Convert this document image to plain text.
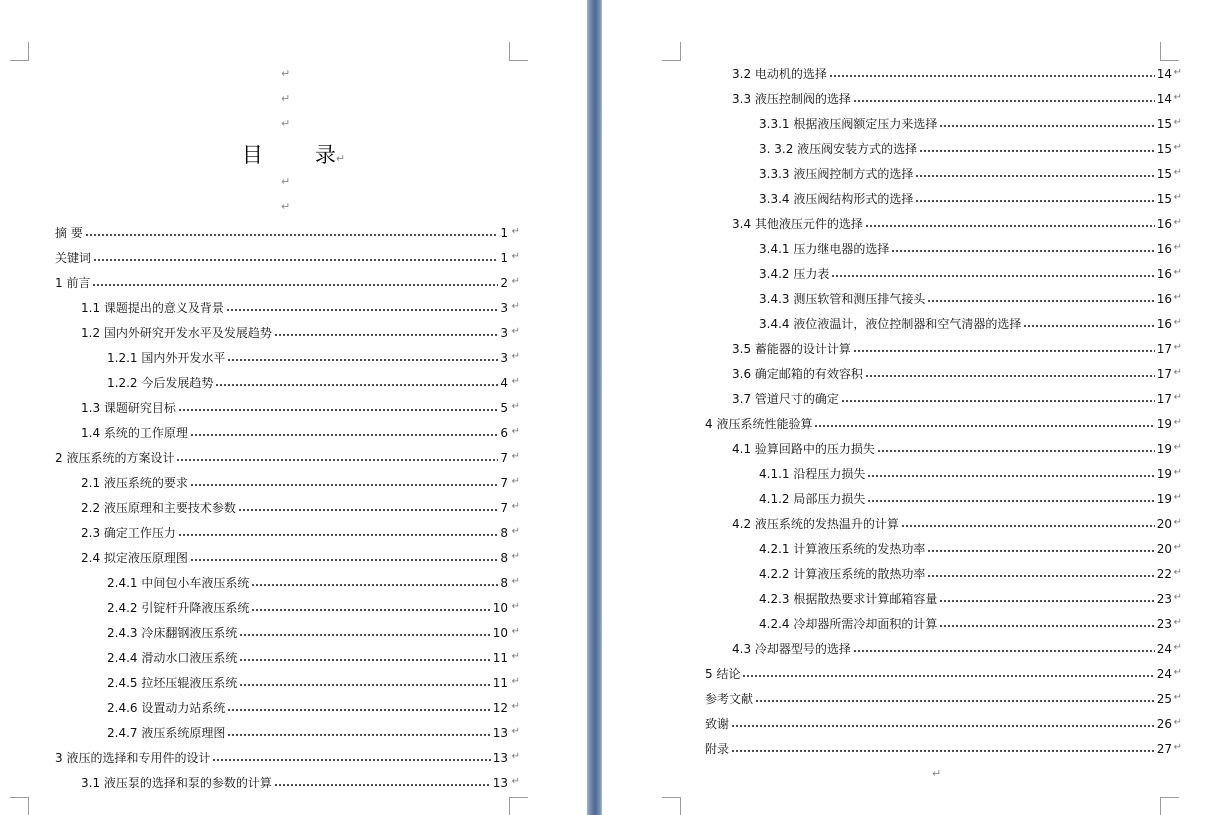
↵
↵
↵
目 录↵
↵
↵
摘 要	1 ↵
关键词	1 ↵
1 前言	2 ↵
1.1 课题提出的意义及背景	3 ↵
1.2 国内外研究开发水平及发展趋势	3 ↵
1.2.1 国内外开发水平	3 ↵
1.2.2 今后发展趋势	4 ↵
1.3 课题研究目标	5 ↵
1.4 系统的工作原理	6 ↵
2 液压系统的方案设计	7 ↵
2.1 液压系统的要求	7 ↵
2.2 液压原理和主要技术参数	7 ↵
2.3 确定工作压力	8 ↵
2.4 拟定液压原理图	8 ↵
2.4.1 中间包小车液压系统	8 ↵
2.4.2 引锭杆升降液压系统	10 ↵
2.4.3 冷床翻钢液压系统	10 ↵
2.4.4 滑动水口液压系统	11 ↵
2.4.5 拉坯压辊液压系统	11 ↵
2.4.6 设置动力站系统	12 ↵
2.4.7 液压系统原理图	13 ↵
3 液压的选择和专用件的设计	13 ↵
3.1 液压泵的选择和泵的参数的计算	13 ↵
3.2 电动机的选择	14 ↵
3.3 液压控制阀的选择	14 ↵
3.3.1 根据液压阀额定压力来选择	15 ↵
3. 3.2 液压阀安装方式的选择	15 ↵
3.3.3 液压阀控制方式的选择	15 ↵
3.3.4 液压阀结构形式的选择	15 ↵
3.4 其他液压元件的选择	16 ↵
3.4.1 压力继电器的选择	16 ↵
3.4.2 压力表	16 ↵
3.4.3 测压软管和测压排气接头	16 ↵
3.4.4 液位液温计，液位控制器和空气清器的选择	16 ↵
3.5 蓄能器的设计计算	17 ↵
3.6 确定邮箱的有效容积	17 ↵
3.7 管道尺寸的确定	17 ↵
4 液压系统性能验算	19 ↵
4.1 验算回路中的压力损失	19 ↵
4.1.1 沿程压力损失	19 ↵
4.1.2 局部压力损失	19 ↵
4.2 液压系统的发热温升的计算	20 ↵
4.2.1 计算液压系统的发热功率	20 ↵
4.2.2 计算液压系统的散热功率	22 ↵
4.2.3 根据散热要求计算邮箱容量	23 ↵
4.2.4 冷却器所需冷却面积的计算	23 ↵
4.3 冷却器型号的选择	24 ↵
5 结论	24 ↵
参考文献	25 ↵
致谢	26 ↵
附录	27 ↵
↵
